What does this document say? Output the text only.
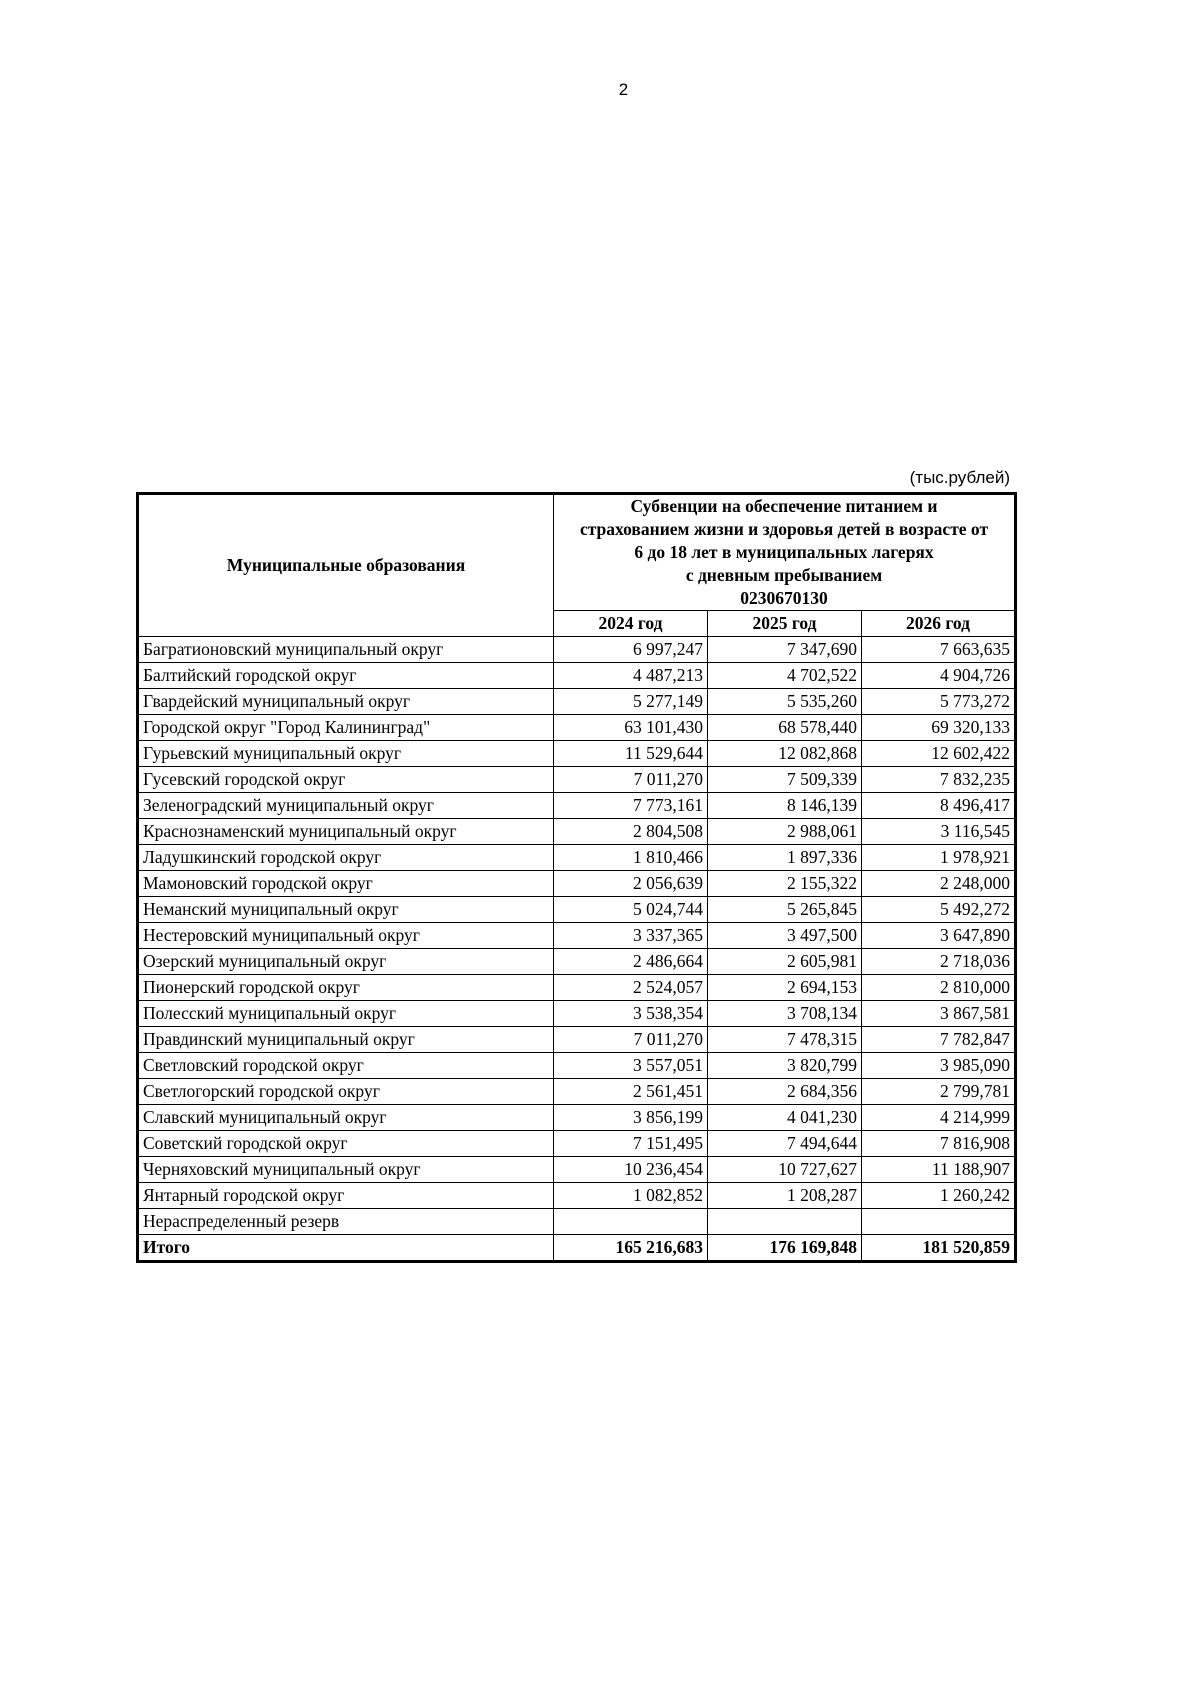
2
(тыс.рублей)
Муниципальные образования	Субвенции на обеспечение питанием и
страхованием жизни и здоровья детей в возрасте от
6 до 18 лет в муниципальных лагерях
с дневным пребыванием
0230670130		

	2024 год	2025 год	2026 год
Багратионовский муниципальный округ	6 997,247	7 347,690	7 663,635
Балтийский городской округ	4 487,213	4 702,522	4 904,726
Гвардейский муниципальный округ	5 277,149	5 535,260	5 773,272
Городской округ "Город Калининград"	63 101,430	68 578,440	69 320,133
Гурьевский муниципальный округ	11 529,644	12 082,868	12 602,422
Гусевский городской округ	7 011,270	7 509,339	7 832,235
Зеленоградский муниципальный округ	7 773,161	8 146,139	8 496,417
Краснознаменский муниципальный округ	2 804,508	2 988,061	3 116,545
Ладушкинский городской округ	1 810,466	1 897,336	1 978,921
Мамоновский городской округ	2 056,639	2 155,322	2 248,000
Неманский муниципальный округ	5 024,744	5 265,845	5 492,272
Нестеровский муниципальный округ	3 337,365	3 497,500	3 647,890
Озерский муниципальный округ	2 486,664	2 605,981	2 718,036
Пионерский городской округ	2 524,057	2 694,153	2 810,000
Полесский муниципальный округ	3 538,354	3 708,134	3 867,581
Правдинский муниципальный округ	7 011,270	7 478,315	7 782,847
Светловский городской округ	3 557,051	3 820,799	3 985,090
Светлогорский городской округ	2 561,451	2 684,356	2 799,781
Славский муниципальный округ	3 856,199	4 041,230	4 214,999
Советский городской округ	7 151,495	7 494,644	7 816,908
Черняховский муниципальный округ	10 236,454	10 727,627	11 188,907
Янтарный городской округ	1 082,852	1 208,287	1 260,242
Нераспределенный резерв			
Итого	165 216,683	176 169,848	181 520,859
